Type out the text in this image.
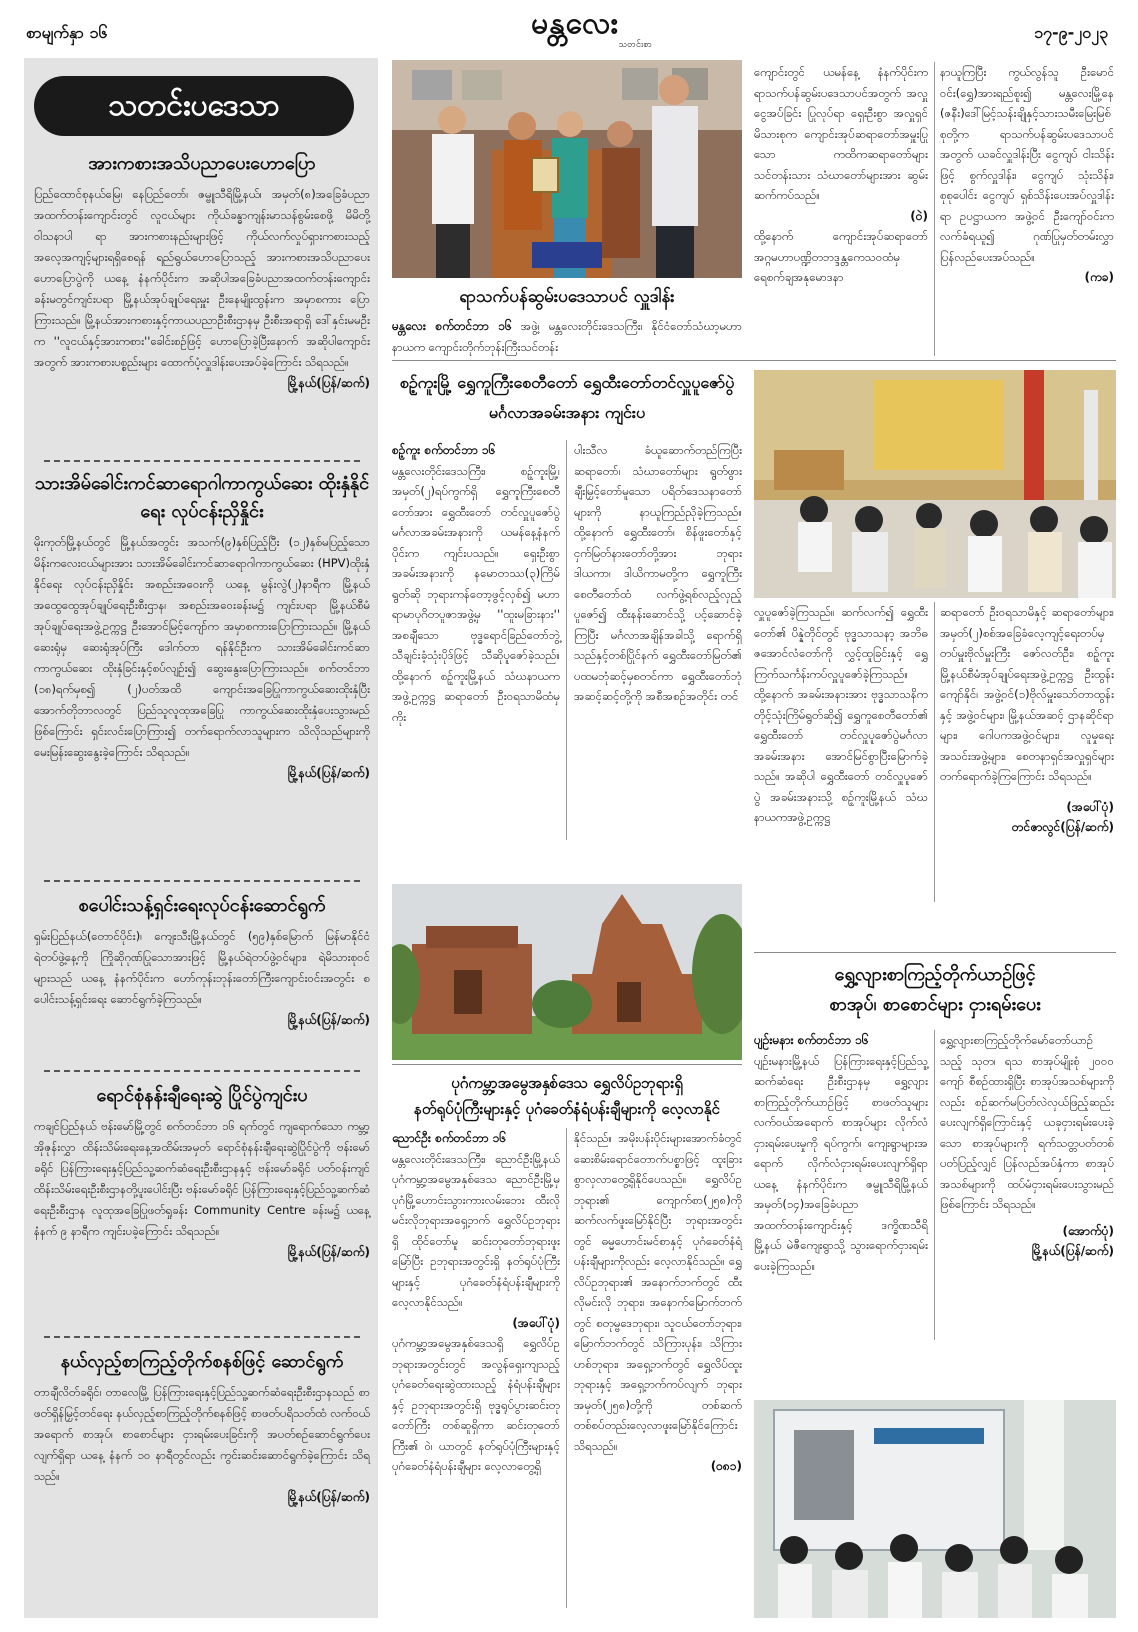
စာမျက်နှာ ၁၆	မန္တလေး
သတင်းစာ
၁၇-၉-၂၀၂၃
သတင်းပဒေသာ
အားကစားအသိပညာပေးဟောပြော

ပြည်ထောင်စုနယ်မြေ၊ နေပြည်တော်၊ ဇမ္ဗူသီရိမြို့နယ်၊ အမှတ်(၈)အခြေခံပညာ အထက်တန်းကျောင်းတွင် လူငယ်များ ကိုယ်ခန္ဓာကျန်းမာသန်စွမ်းစေဖို့ မိမိတို့ဝါသနာပါ ရာ အားကစားနည်းများဖြင့် ကိုယ်လက်လှုပ်ရှားကစားသည့် အလေ့အကျင့်များရရှိစေရန် ရည်ရွယ်ဟောပြောသည့် အားကစားအသိပညာပေးဟောပြောပွဲကို ယနေ့ နံနက်ပိုင်းက အဆိုပါအခြေခံပညာအထက်တန်းကျောင်းခန်းမတွင်ကျင်းပရာ မြို့နယ်အုပ်ချုပ်ရေးမှူး ဦးနေမျိုးထွန်းက အမှာစကား ပြောကြားသည်။ မြို့နယ်အားကစားနှင့်ကာယပညာဦးစီးဌာနမှ ဦးစီးအရာရှိ ဒေါ်နှင်းမမဦးက ''လူငယ်နှင့်အားကစား''ခေါင်းစဉ်ဖြင့် ဟောပြောခဲ့ပြီးနောက် အဆိုပါကျောင်းအတွက် အားကစားပစ္စည်းများ ထောက်ပံ့လှူဒါန်းပေးအပ်ခဲ့ကြောင်း သိရသည်။

မြို့နယ်(ပြန်/ဆက်)
သားအိမ်ခေါင်းကင်ဆာရောဂါကာကွယ်ဆေး ထိုးနှံနိုင်ရေး လုပ်ငန်းညှိနှိုင်း

မိုးကုတ်မြို့နယ်တွင် မြို့နယ်အတွင်း အသက်(၉)နှစ်ပြည့်ပြီး (၁၂)နှစ်မပြည့်သော မိန်းကလေးငယ်များအား သားအိမ်ခေါင်းကင်ဆာရောဂါကာကွယ်ဆေး (HPV)ထိုးနှံနိုင်ရေး လုပ်ငန်းညှိနှိုင်း အစည်းအဝေးကို ယနေ့ မွန်းလွဲ(၂)နာရီက မြို့နယ်အထွေထွေအုပ်ချုပ်ရေးဦးစီးဌာန၊ အစည်းအဝေးခန်းမ၌ ကျင်းပရာ မြို့နယ်စီမံအုပ်ချုပ်ရေးအဖွဲ့ဥက္ကဋ္ဌ ဦးအောင်မြင့်ကျော်က အမှာစကားပြောကြားသည်။ မြို့နယ်ဆေးရုံမှ ဆေးရုံအုပ်ကြီး ဒေါက်တာ ရန်နိုင်ဦးက သားအိမ်ခေါင်းကင်ဆာကာကွယ်ဆေး ထိုးနှံခြင်းနှင့်စပ်လျဉ်း၍ ဆွေးနွေးပြောကြားသည်။ စက်တင်ဘာ (၁၈)ရက်မှစ၍ (၂)ပတ်အထိ ကျောင်းအခြေပြုကာကွယ်ဆေးထိုးနှံပြီး အောက်တိုဘာလတွင် ပြည်သူလူထုအခြေပြု ကာကွယ်ဆေးထိုးနှံပေးသွားမည်ဖြစ်ကြောင်း ရှင်းလင်းပြောကြား၍ တက်ရောက်လာသူများက သိလိုသည်များကို မေးမြန်းဆွေးနွေးခဲ့ကြောင်း သိရသည်။

မြို့နယ်(ပြန်/ဆက်)
စပေါင်းသန့်ရှင်းရေးလုပ်ငန်းဆောင်ရွက်

ရှမ်းပြည်နယ်(တောင်ပိုင်း)၊ ကျေးသီးမြို့နယ်တွင် (၅၉)နှစ်မြောက် မြန်မာနိုင်ငံရဲတပ်ဖွဲ့နေ့ကို ကြိုဆိုဂုဏ်ပြုသောအားဖြင့် မြို့နယ်ရဲတပ်ဖွဲ့ဝင်များ၊ ရဲမိသားစုဝင်များသည် ယနေ့ နံနက်ပိုင်းက ဟော်ကုန်းဘုန်းတော်ကြီးကျောင်းဝင်းအတွင်း စပေါင်းသန့်ရှင်းရေး ဆောင်ရွက်ခဲ့ကြသည်။

မြို့နယ်(ပြန်/ဆက်)
ရောင်စုံနန်းချီရေးဆွဲ ပြိုင်ပွဲကျင်းပ

ကချင်ပြည်နယ် ဗန်းမော်မြို့တွင် စက်တင်ဘာ ၁၆ ရက်တွင် ကျရောက်သော ကမ္ဘာ့အိုဇုန်းလွှာ ထိန်းသိမ်းရေးနေ့အထိမ်းအမှတ် ရောင်စုံနန်းချီရေးဆွဲပြိုင်ပွဲကို ဗန်းမော်ခရိုင် ပြန်ကြားရေးနှင့်ပြည်သူ့ဆက်ဆံရေးဦးစီးဌာနနှင့် ဗန်းမော်ခရိုင် ပတ်ဝန်းကျင်ထိန်းသိမ်းရေးဦးစီးဌာနတို့ပူးပေါင်းပြီး ဗန်းမော်ခရိုင် ပြန်ကြားရေးနှင့်ပြည်သူ့ဆက်ဆံရေးဦးစီးဌာန လူထုအခြေပြုဖတ်ရှုခန်း Community Centre ခန်းမ၌ ယနေ့ နံနက် ၉ နာရီက ကျင်းပခဲ့ကြောင်း သိရသည်။

မြို့နယ်(ပြန်/ဆက်)
နယ်လှည့်စာကြည့်တိုက်စနစ်ဖြင့် ဆောင်ရွက်

တာချီလိတ်ခရိုင်၊ တာလေမြို့ ပြန်ကြားရေးနှင့်ပြည်သူ့ဆက်ဆံရေးဦးစီးဌာနသည် စာဖတ်ရှိန်မြှင့်တင်ရေး နယ်လှည့်စာကြည့်တိုက်စနစ်ဖြင့် စာဖတ်ပရိသတ်ထံ လက်ဝယ်အရောက် စာအုပ်၊ စာစောင်များ ငှားရမ်းပေးခြင်းကို အပတ်စဉ်ဆောင်ရွက်ပေးလျက်ရှိရာ ယနေ့ နံနက် ၁၀ နာရီတွင်လည်း ကွင်းဆင်းဆောင်ရွက်ခဲ့ကြောင်း သိရသည်။

မြို့နယ်(ပြန်/ဆက်)
ရာသက်ပန်ဆွမ်းပဒေသာပင် လှူဒါန်း
မန္တလေး စက်တင်ဘာ ၁၆ အဖွဲ့၊ မန္တလေးတိုင်းဒေသကြီး၊ နိုင်ငံတော်သံဃာ့မဟာနာယက ကျောင်းတိုက်ဘုန်းကြီးသင်တန်း
ကျောင်းတွင် ယမန်နေ့ နံနက်ပိုင်းက ရာသက်ပန်ဆွမ်းပဒေသာပင်အတွက် အလှူငွေအပ်ခြင်း ပြုလုပ်ရာ ရှေးဦးစွာ အလှူရှင်မိသားစုက ကျောင်းအုပ်ဆရာတော်အမှူးပြုသော ကထိကဆရာတော်များ သင်တန်းသား သံဃာတော်များအား ဆွမ်းဆက်ကပ်သည်။
(ဝဲ)
ထို့နောက် ကျောင်းအုပ်ဆရာတော်အဂ္ဂမဟာပဏ္ဍိတဘဒ္ဒန္တကေသဝထံမှ ရေစက်ချအနုမောဒနာ
နာယူကြပြီး ကွယ်လွန်သူ ဦးမောင်ဝင်း(ရွှေ)အားရည်စူး၍ မန္တလေးမြို့နေ (ဇနီး)ဒေါ်မြင့်သန်းချိုနှင့်သားသမီးမြေးမြစ်စုတို့က ရာသက်ပန်ဆွမ်းပဒေသာပင်အတွက် ယခင်လှူဒါန်းပြီး ငွေကျပ် ငါးသိန်းဖြင့် စွက်လှူဒါန်း၊ ငွေကျပ် သုံးသိန်း၊ စုစုပေါင်း ငွေကျပ် ရှစ်သိန်းပေးအပ်လှူဒါန်းရာ ဥပဋ္ဌာယက အဖွဲ့ဝင် ဦးကျော်ဝင်းက လက်ခံရယူ၍ ဂုဏ်ပြုမှတ်တမ်းလွှာ ပြန်လည်ပေးအပ်သည်။
(ကခ)
စဉ့်ကူးမြို့ ရွှေကူကြီးစေတီတော် ရွှေထီးတော်တင်လှူပူဇော်ပွဲ မင်္ဂလာအခမ်းအနား ကျင်းပ
စဉ့်ကူး စက်တင်ဘာ ၁၆
မန္တလေးတိုင်းဒေသကြီး၊ စဉ့်ကူးမြို့၊ အမှတ်(၂)ရပ်ကွက်ရှိ ရွှေကူကြီးစေတီတော်အား ရွှေထီးတော် တင်လှူပူဇော်ပွဲ မင်္ဂလာအခမ်းအနားကို ယမန်နေ့နံနက်ပိုင်းက ကျင်းပသည်။ ရှေးဦးစွာ အခမ်းအနားကို နမောတဿ(၃)ကြိမ်ရွတ်ဆို ဘုရားကန်တော့ဖွင့်လှစ်၍ မဟာရာမာပုဂိတပူဇာအဖွဲ့မှ ''ထူးမခြားနား'' အစချီသော ဗုဒ္ဓရောင်ခြည်တော်ဘွဲ့ သီချင်းခံ့သုံးပိုဒ်ဖြင့် သီဆိုပူဇော်ခဲ့သည်။ ထို့နောက် စဉ့်ကူးမြို့နယ် သံဃနာယကအဖွဲ့ဥက္ကဋ္ဌ ဆရာတော် ဦးဝရသာမိထံမှ ကိုး
ပါးသီလ ခံယူဆောက်တည်ကြပြီး ဆရာတော်၊ သံဃာတော်များ ရွတ်ဖွားချီးမြှင့်တော်မူသော ပရိတ်ဒေသနာတော်များကို နာယူကြည်ညိုခဲ့ကြသည်။ ထို့နောက် ရွှေထီးတော်၊ စိန်ဖူးတော်နှင့် ငှက်မြတ်နားတော်တို့အား ဘုရားဒါယကာ၊ ဒါယိကာမတို့က ရွှေကူကြီးစေတီတော်ထံ လက်ဖွဲ့ရစ်လည့်လှည့်ပူဇော်၍ ထီးနန်းဆောင်သို့ ပင့်ဆောင်ခဲ့ကြပြီး မင်္ဂလာအချိန်အခါသို့ ရောက်ရှိသည်နှင့်တစ်ပြိုင်နက် ရွှေထီးတော်မြတ်၏ ပထမဘုံဆင့်မှစတင်ကာ ရွှေထီးတော်ဘုံအဆင့်ဆင့်တို့ကို အစီအစဉ်အတိုင်း တင်
လှူပူဇော်ခဲ့ကြသည်။ ဆက်လက်၍ ရွှေထီးတော်၏ ပိန္နဲတိုင်တွင် ဗုဒ္ဓသာသနာ့ အဘိဓဇအောင်လံတော်ကို လွှင့်ထူခြင်းနှင့် ရွှေကြက်သင်္ကန်းကပ်လှူပူဇော်ခဲ့ကြသည်။ ထို့နောက် အခမ်းအနားအား ဗုဒ္ဓသာသနိကတိုင့်သုံးကြိမ်ရွတ်ဆို၍ ရွှေကူစေတီတော်၏ ရွှေထီးတော် တင်လှူပူဇော်ပွဲမင်္ဂလာအခမ်းအနား အောင်မြင်စွာပြီးမြောက်ခဲ့သည်။ အဆိုပါ ရွှေထီးတော် တင်လှူပူဇော်ပွဲ အခမ်းအနားသို့ စဉ့်ကူးမြို့နယ် သံဃနာယကအဖွဲ့ဥက္ကဋ္ဌ
ဆရာတော် ဦးဝရသာမိနှင့် ဆရာတော်များ၊ အမှတ်(၂)စစ်အခြေခံလေ့ကျင့်ရေးတပ်မှ တပ်မှူးဗိုလ်မှူးကြီး ဇော်လတ်ဦး၊ စဉ့်ကူးမြို့နယ်စီမံအုပ်ချုပ်ရေးအဖွဲ့ဥက္ကဋ္ဌ ဦးထွန်းကျော်နိုင်၊ အဖွဲ့ဝင်(၁)ဗိုလ်မှူးသော်တာထွန်းနှင့် အဖွဲ့ဝင်များ၊ မြို့နယ်အဆင့် ဌာနဆိုင်ရာများ၊ ဂေါပကအဖွဲ့ဝင်များ၊ လူမှုရေးအသင်းအဖွဲ့များ၊ စေတနာရှင်အလှူရှင်များ တက်ရောက်ခဲ့ကြကြောင်း သိရသည်။
(အပေါ်ပုံ)
တင်ဇာလွင်(ပြန်/ဆက်)
ပုဂံကမ္ဘာ့အမွေအနှစ်ဒေသ ရွှေလိပ်ဥဘုရားရှိ
နတ်ရုပ်ပုံကြီးများနှင့် ပုဂံခေတ်နံရံပန်းချီများကို လေ့လာနိုင်
ညောင်ဦး စက်တင်ဘာ ၁၆
မန္တလေးတိုင်းဒေသကြီး၊ ညောင်ဦးမြို့နယ် ပုဂံကမ္ဘာ့အမွေအနှစ်ဒေသ ညောင်ဦးမြို့မှ ပုဂံမြို့ဟောင်းသွားကားလမ်းဘေး ထီးလိုမင်းလိုဘုရားအရှေ့ဘက် ရွှေလိပ်ဥဘုရားရှိ ထိုင်တော်မူ ဆင်းတုတော်ဘုရားဖူးမြော်ပြီး ဥဘုရားအတွင်းရှိ နတ်ရုပ်ပုံကြီးများနှင့် ပုဂံခေတ်နံရံပန်းချီများကို လေ့လာနိုင်သည်။
(အပေါ်ပုံ)
ပုဂံကမ္ဘာ့အမွေအနှစ်ဒေသရှိ ရွှေလိပ်ဥဘုရားအတွင်းတွင် အလွန်ရှေးကျသည့် ပုဂံခေတ်ရေးဆွဲထားသည့် နံရံပန်းချီများနှင့် ဥဘုရားအတွင်းရှိ ဗုဒ္ဓရုပ်ပွားဆင်းတုတော်ကြီး တစ်ဆူရှိကာ ဆင်းတုတော်ကြီး၏ ဝဲ၊ ယာတွင် နတ်ရုပ်ပုံကြီးများနှင့် ပုဂံခေတ်နံရံပန်းချီများ လေ့လာတွေ့ရှိ
နိုင်သည်။ အမိုးပန်းပိုင်းများအောက်ခံတွင် ဆေးစိမ်းရောင်တောက်ပစ္စာဖြင့် ထူးခြားစွာလှလာတွေ့ရှိနိုင်ပေသည်။ ရွှေလိပ်ဥဘုရား၏ ကျောက်စာ(၂၅၈)ကို ဆက်လက်ဖူးမြော်နိုင်ပြီး ဘုရားအတွင်းတွင် ဓမ္မဟောင်းမင်စာနှင့် ပုဂံခေတ်နံရံပန်းချီများကိုလည်း လေ့လာနိုင်သည်။ ရွှေလိပ်ဥဘုရား၏ အနောက်ဘက်တွင် ထီးလိုမင်းလို ဘုရား၊ အနောက်မြောက်ဘက်တွင် စတုမ္ဗဒေဘုရား၊ သူငယ်တော်ဘုရား၊ မြောက်ဘက်တွင် သိကြားပုန်း၊ သိကြားဟစ်ဘုရား၊ အရှေ့ဘက်တွင် ရွှေလိပ်ထူးဘုရားနှင့် အရှေ့ဘက်ကပ်လျက် ဘုရားအမှတ်(၂၅၈)တို့ကို တစ်ဆက်တစ်စပ်တည်းလေ့လာဖူးမြော်နိုင်ကြောင်း သိရသည်။
(ဝ၈၁)
ရွှေ့လျားစာကြည့်တိုက်ယာဉ်ဖြင့်
စာအုပ်၊ စာစောင်များ ငှားရမ်းပေး
ပျဉ်းမနား စက်တင်ဘာ ၁၆
ပျဉ်းမနားမြို့နယ် ပြန်ကြားရေးနှင့်ပြည်သူ့ဆက်ဆံရေး ဦးစီးဌာနမှ ရွှေ့လျားစာကြည့်တိုက်ယာဉ်ဖြင့် စာဖတ်သူများ လက်ဝယ်အရောက် စာအုပ်များ လိုက်လံငှားရမ်းပေးမှုကို ရပ်ကွက်၊ ကျေးရွာများအရောက် လိုက်လံငှားရမ်းပေးလျက်ရှိရာ ယနေ့ နံနက်ပိုင်းက ဇမ္ဗူသီရိမြို့နယ် အမှတ်(၁၄)အခြေခံပညာအထက်တန်းကျောင်းနှင့် ဒက္ခိဏသီရိမြို့နယ် မဲဇီကျေးရွာသို့ သွားရောက်ငှားရမ်းပေးခဲ့ကြသည်။
ရွှေ့လျားစာကြည့်တိုက်မော်တော်ယာဉ်သည့် သုတ၊ ရသ စာအုပ်မျိုးစုံ ၂၀၀၀ ကျော် စီစဉ်ထားရှိပြီး စာအုပ်အသစ်များကိုလည်း စဉ်ဆက်မပြတ်လဲလှယ်ဖြည့်ဆည်းပေးလျက်ရှိကြောင်းနှင့် ယခုငှားရမ်းပေးခဲ့သော စာအုပ်များကို ရက်သတ္တပတ်တစ်ပတ်ပြည့်လျှင် ပြန်လည်အပ်နှံကာ စာအုပ်အသစ်များကို ထပ်မံငှားရမ်းပေးသွားမည်ဖြစ်ကြောင်း သိရသည်။
(အောက်ပုံ)
မြို့နယ်(ပြန်/ဆက်)
